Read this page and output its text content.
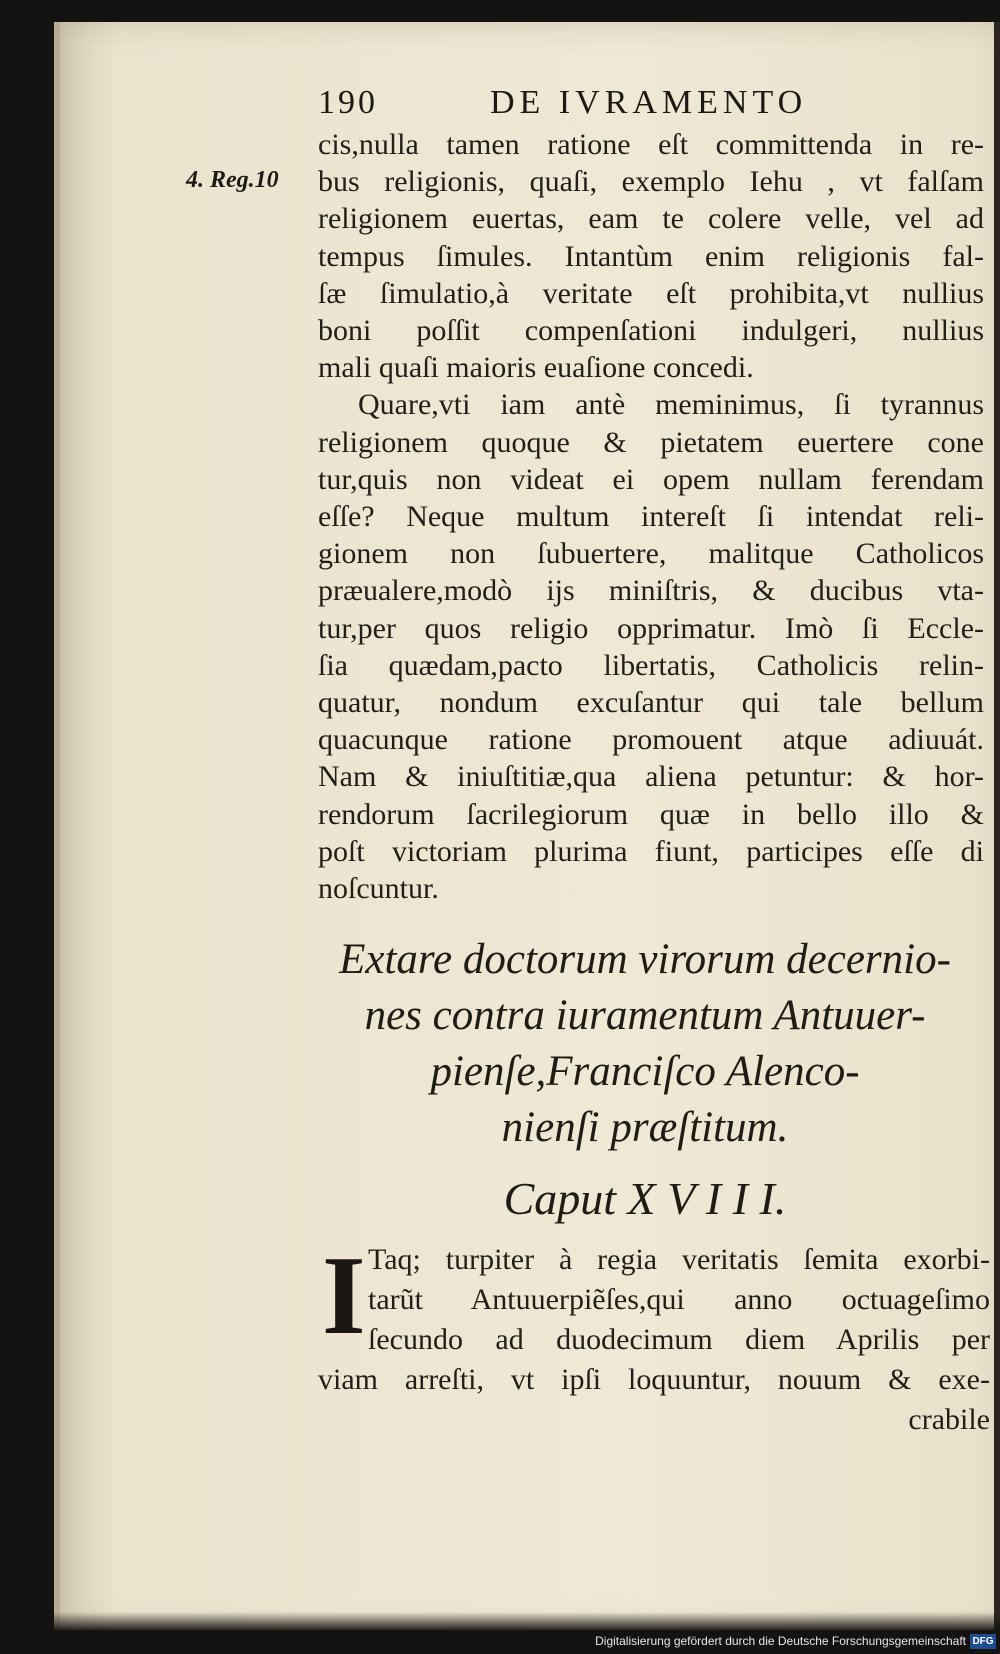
190	DE IVRAMENTO
4. Reg.10
cis,nulla tamen ratione eſt committenda in re-
bus religionis, quaſi, exemplo Iehu , vt falſam
religionem euertas, eam te colere velle, vel ad
tempus ſimules. Intantùm enim religionis fal-
ſæ ſimulatio,à veritate eſt prohibita,vt nullius
boni poſſit compenſationi indulgeri, nullius
mali quaſi maioris euaſione concedi.
Quare,vti iam antè meminimus, ſi tyrannus
religionem quoque & pietatem euertere cone
tur,quis non videat ei opem nullam ferendam
eſſe? Neque multum intereſt ſi intendat reli-
gionem non ſubuertere, malitque Catholicos
præualere,modò ijs miniſtris, & ducibus vta-
tur,per quos religio opprimatur. Imò ſi Eccle-
ſia quædam,pacto libertatis, Catholicis relin-
quatur, nondum excuſantur qui tale bellum
quacunque ratione promouent atque adiuuát.
Nam & iniuſtitiæ,qua aliena petuntur: & hor-
rendorum ſacrilegiorum quæ in bello illo &
poſt victoriam plurima fiunt, participes eſſe di
noſcuntur.
Extare doctorum virorum decernio-
nes contra iuramentum Antuuer-
pienſe,Franciſco Alenco-
nienſi præſtitum.
Caput X V I I I.
I Taq; turpiter à regia veritatis ſemita exorbi-
tarũt Antuuerpiẽſes,qui anno octuageſimo
ſecundo ad duodecimum diem Aprilis per
viam arreſti, vt ipſi loquuntur, nouum & exe-
crabile
Digitalisierung gefördert durch die Deutsche Forschungsgemeinschaft DFG
